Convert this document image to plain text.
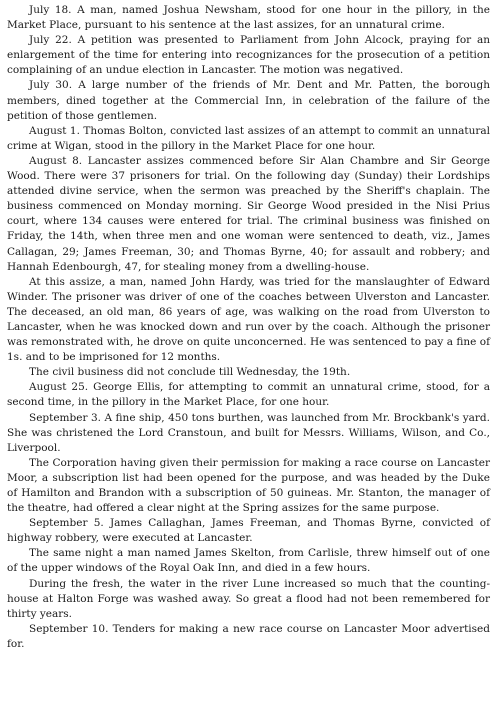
July 18. A man, named Joshua Newsham, stood for one hour in the pillory, in the Market Place, pursuant to his sentence at the last assizes, for an unnatural crime.

July 22. A petition was presented to Parliament from John Alcock, praying for an enlargement of the time for entering into recognizances for the prosecution of a petition complaining of an undue election in Lancaster. The motion was negatived.

July 30. A large number of the friends of Mr. Dent and Mr. Patten, the borough members, dined together at the Commercial Inn, in celebration of the failure of the petition of those gentlemen.

August 1. Thomas Bolton, convicted last assizes of an attempt to commit an unnatural crime at Wigan, stood in the pillory in the Market Place for one hour.

August 8. Lancaster assizes commenced before Sir Alan Chambre and Sir George Wood. There were 37 prisoners for trial. On the following day (Sunday) their Lordships attended divine service, when the sermon was preached by the Sheriff's chaplain. The business commenced on Monday morning. Sir George Wood presided in the Nisi Prius court, where 134 causes were entered for trial. The criminal business was finished on Friday, the 14th, when three men and one woman were sentenced to death, viz., James Callagan, 29; James Freeman, 30; and Thomas Byrne, 40; for assault and robbery; and Hannah Edenbourgh, 47, for stealing money from a dwelling-house.

At this assize, a man, named John Hardy, was tried for the manslaughter of Edward Winder. The prisoner was driver of one of the coaches between Ulverston and Lancaster. The deceased, an old man, 86 years of age, was walking on the road from Ulverston to Lancaster, when he was knocked down and run over by the coach. Although the prisoner was remonstrated with, he drove on quite unconcerned. He was sentenced to pay a fine of 1s. and to be imprisoned for 12 months.

The civil business did not conclude till Wednesday, the 19th.

August 25. George Ellis, for attempting to commit an unnatural crime, stood, for a second time, in the pillory in the Market Place, for one hour.

September 3. A fine ship, 450 tons burthen, was launched from Mr. Brockbank's yard. She was christened the Lord Cranstoun, and built for Messrs. Williams, Wilson, and Co., Liverpool.

The Corporation having given their permission for making a race course on Lancaster Moor, a subscription list had been opened for the purpose, and was headed by the Duke of Hamilton and Brandon with a subscription of 50 guineas. Mr. Stanton, the manager of the theatre, had offered a clear night at the Spring assizes for the same purpose.

September 5. James Callaghan, James Freeman, and Thomas Byrne, convicted of highway robbery, were executed at Lancaster.

The same night a man named James Skelton, from Carlisle, threw himself out of one of the upper windows of the Royal Oak Inn, and died in a few hours.

During the fresh, the water in the river Lune increased so much that the counting-house at Halton Forge was washed away. So great a flood had not been remembered for thirty years.

September 10. Tenders for making a new race course on Lancaster Moor advertised for.
